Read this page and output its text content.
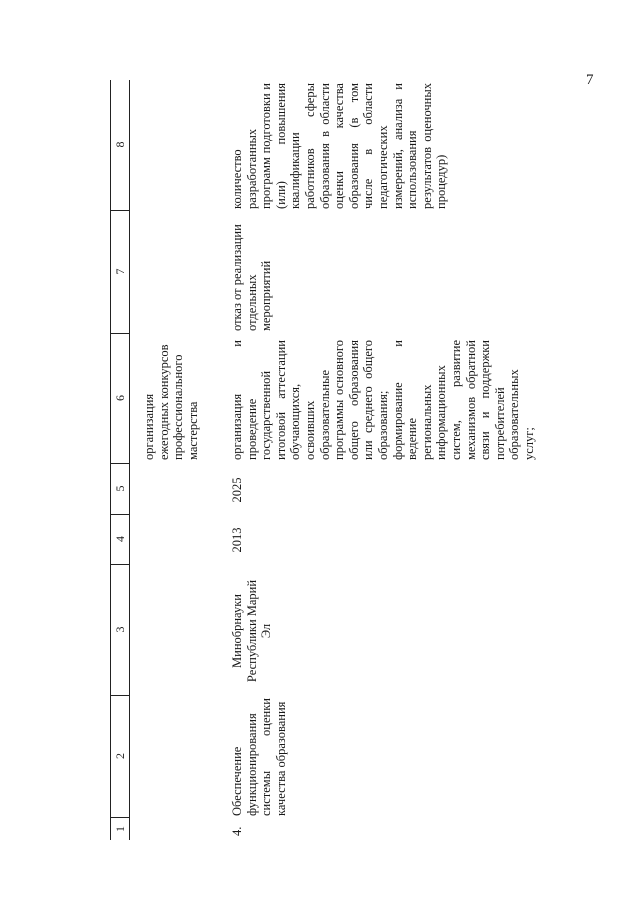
7
1
2
3
4
5
6
7
8
организация ежегодных конкурсов профессионального мастерства
4.
Обеспечение функционирования системы оценки качества образования
Минобрнауки Республики Марий Эл
2013
2025
организация и проведение государственной итоговой аттестации обучающихся, освоивших образовательные программы основного общего образования или среднего общего образования; формирование и ведение региональных информационных систем, развитие механизмов обратной связи и поддержки потребителей образовательных услуг;
отказ от реализации отдельных мероприятий
количество разработанных программ подготовки и (или) повышения квалификации работников сферы образования в области оценки качества образования (в том числе в области педагогических измерений, анализа и использования результатов оценочных процедур)
